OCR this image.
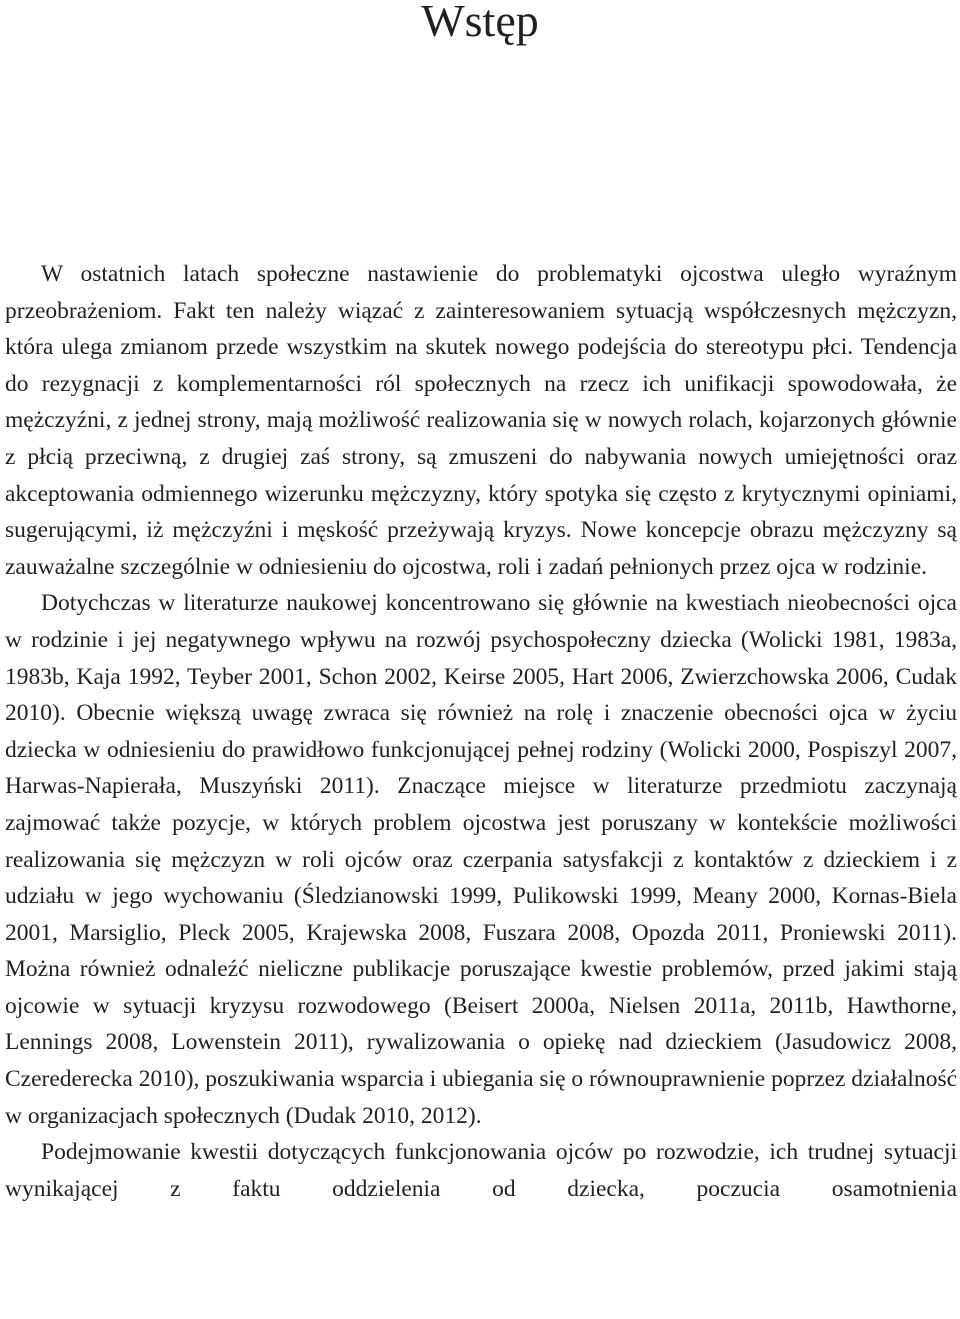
Wstęp

W ostatnich latach społeczne nastawienie do problematyki ojcostwa uległo wyraźnym przeobrażeniom. Fakt ten należy wiązać z zainteresowaniem sytuacją współczesnych mężczyzn, która ulega zmianom przede wszystkim na skutek nowego podejścia do stereotypu płci. Tendencja do rezygnacji z komplementarności ról społecznych na rzecz ich unifikacji spowodowała, że mężczyźni, z jednej strony, mają możliwość realizowania się w nowych rolach, kojarzonych głównie z płcią przeciwną, z drugiej zaś strony, są zmuszeni do nabywania nowych umiejętności oraz akceptowania odmiennego wizerunku mężczyzny, który spotyka się często z krytycznymi opiniami, sugerującymi, iż mężczyźni i męskość przeżywają kryzys. Nowe koncepcje obrazu mężczyzny są zauważalne szczególnie w odniesieniu do ojcostwa, roli i zadań pełnionych przez ojca w rodzinie.

Dotychczas w literaturze naukowej koncentrowano się głównie na kwestiach nieobecności ojca w rodzinie i jej negatywnego wpływu na rozwój psychospołeczny dziecka (Wolicki 1981, 1983a, 1983b, Kaja 1992, Teyber 2001, Schon 2002, Keirse 2005, Hart 2006, Zwierzchowska 2006, Cudak 2010). Obecnie większą uwagę zwraca się również na rolę i znaczenie obecności ojca w życiu dziecka w odniesieniu do prawidłowo funkcjonującej pełnej rodziny (Wolicki 2000, Pospiszyl 2007, Harwas-Napierała, Muszyński 2011). Znaczące miejsce w literaturze przedmiotu zaczynają zajmować także pozycje, w których problem ojcostwa jest poruszany w kontekście możliwości realizowania się mężczyzn w roli ojców oraz czerpania satysfakcji z kontaktów z dzieckiem i z udziału w jego wychowaniu (Śledzianowski 1999, Pulikowski 1999, Meany 2000, Kornas-Biela 2001, Marsiglio, Pleck 2005, Krajewska 2008, Fuszara 2008, Opozda 2011, Proniewski 2011). Można również odnaleźć nieliczne publikacje poruszające kwestie problemów, przed jakimi stają ojcowie w sytuacji kryzysu rozwodowego (Beisert 2000a, Nielsen 2011a, 2011b, Hawthorne, Lennings 2008, Lowenstein 2011), rywalizowania o opiekę nad dzieckiem (Jasudowicz 2008, Czerederecka 2010), poszukiwania wsparcia i ubiegania się o równouprawnienie poprzez działalność w organizacjach społecznych (Dudak 2010, 2012).

Podejmowanie kwestii dotyczących funkcjonowania ojców po rozwodzie, ich trudnej sytuacji wynikającej z faktu oddzielenia od dziecka, poczucia osamotnienia
